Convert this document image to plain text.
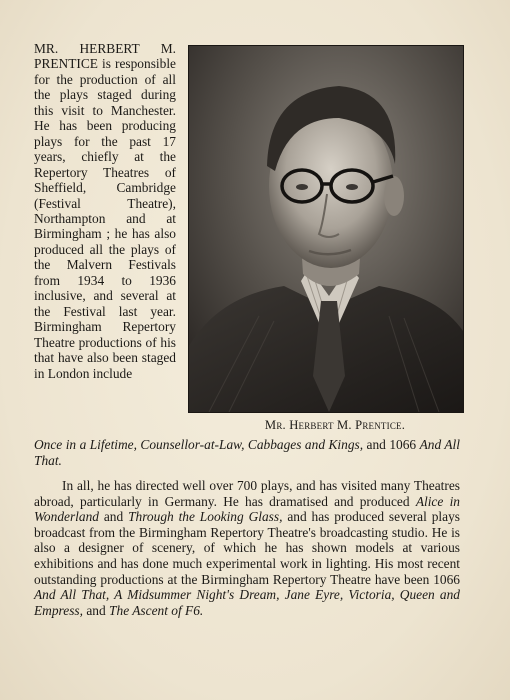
MR. HERBERT M. PRENTICE is responsible for the production of all the plays staged during this visit to Manchester. He has been producing plays for the past 17 years, chiefly at the Repertory Theatres of Sheffield, Cambridge (Festival Theatre), Northampton and at Birmingham ; he has also produced all the plays of the Malvern Festivals from 1934 to 1936 inclusive, and several at the Festival last year. Birmingham Repertory Theatre productions of his that have also been staged in London include
Mr. Herbert M. Prentice.

Once in a Lifetime, Counsellor-at-Law, Cabbages and Kings, and 1066 And All That.
In all, he has directed well over 700 plays, and has visited many Theatres abroad, particularly in Germany. He has dramatised and produced Alice in Wonderland and Through the Looking Glass, and has produced several plays broadcast from the Birmingham Repertory Theatre's broadcasting studio. He is also a designer of scenery, of which he has shown models at various exhibitions and has done much experimental work in lighting. His most recent outstanding productions at the Birmingham Repertory Theatre have been 1066 And All That, A Midsummer Night's Dream, Jane Eyre, Victoria, Queen and Empress, and The Ascent of F6.
